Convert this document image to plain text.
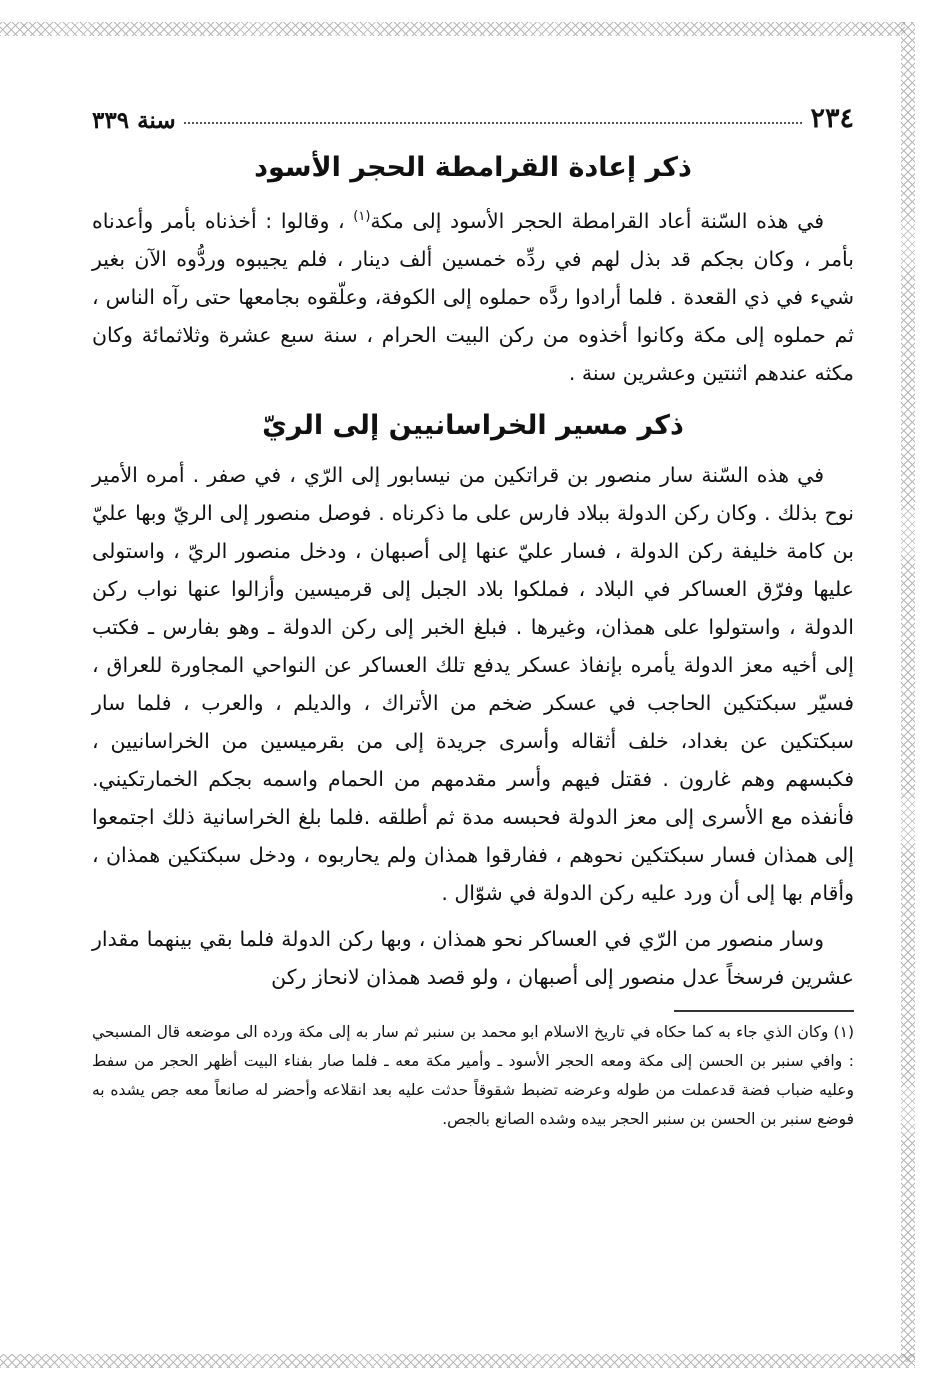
٢٣٤
سنة ٣٣٩
ذكر إعادة القرامطة الحجر الأسود

في هذه السّنة أعاد القرامطة الحجر الأسود إلى مكة$^{(١)}$ ، وقالوا : أخذناه بأمر وأعدناه بأمر ، وكان بجكم قد بذل لهم في ردِّه خمسين ألف دينار ، فلم يجيبوه وردُّوه الآن بغير شيء في ذي القعدة . فلما أرادوا ردَّه حملوه إلى الكوفة، وعلّقوه بجامعها حتى رآه الناس ، ثم حملوه إلى مكة وكانوا أخذوه من ركن البيت الحرام ، سنة سبع عشرة وثلاثمائة وكان مكثه عندهم اثنتين وعشرين سنة .

ذكر مسير الخراسانيين إلى الريّ

في هذه السّنة سار منصور بن قراتكين من نيسابور إلى الرّي ، في صفر . أمره الأمير نوح بذلك . وكان ركن الدولة ببلاد فارس على ما ذكرناه . فوصل منصور إلى الريّ وبها عليّ بن كامة خليفة ركن الدولة ، فسار عليّ عنها إلى أصبهان ، ودخل منصور الريّ ، واستولى عليها وفرّق العساكر في البلاد ، فملكوا بلاد الجبل إلى قرميسين وأزالوا عنها نواب ركن الدولة ، واستولوا على همذان، وغيرها . فبلغ الخبر إلى ركن الدولة ـ وهو بفارس ـ فكتب إلى أخيه معز الدولة يأمره بإنفاذ عسكر يدفع تلك العساكر عن النواحي المجاورة للعراق ، فسيّر سبكتكين الحاجب في عسكر ضخم من الأتراك ، والديلم ، والعرب ، فلما سار سبكتكين عن بغداد، خلف أثقاله وأسرى جريدة إلى من بقرميسين من الخراسانيين ، فكبسهم وهم غارون . فقتل فيهم وأسر مقدمهم من الحمام واسمه بجكم الخمارتكيني. فأنفذه مع الأسرى إلى معز الدولة فحبسه مدة ثم أطلقه .فلما بلغ الخراسانية ذلك اجتمعوا إلى همذان فسار سبكتكين نحوهم ، ففارقوا همذان ولم يحاربوه ، ودخل سبكتكين همذان ، وأقام بها إلى أن ورد عليه ركن الدولة في شوّال .

وسار منصور من الرّي في العساكر نحو همذان ، وبها ركن الدولة فلما بقي بينهما مقدار عشرين فرسخاً عدل منصور إلى أصبهان ، ولو قصد همذان لانحاز ركن

(١) وكان الذي جاء به كما حكاه في تاريخ الاسلام ابو محمد بن سنبر ثم سار به إلى مكة ورده الى موضعه قال المسبحي : وافي سنبر بن الحسن إلى مكة ومعه الحجر الأسود ـ وأمير مكة معه ـ فلما صار بفناء البيت أظهر الحجر من سفط وعليه ضباب فضة قدعملت من طوله وعرضه تضبط شقوقاً حدثت عليه بعد انقلاعه وأحضر له صانعاً معه جص يشده به فوضع سنبر بن الحسن بن سنبر الحجر بيده وشده الصانع بالجص.
